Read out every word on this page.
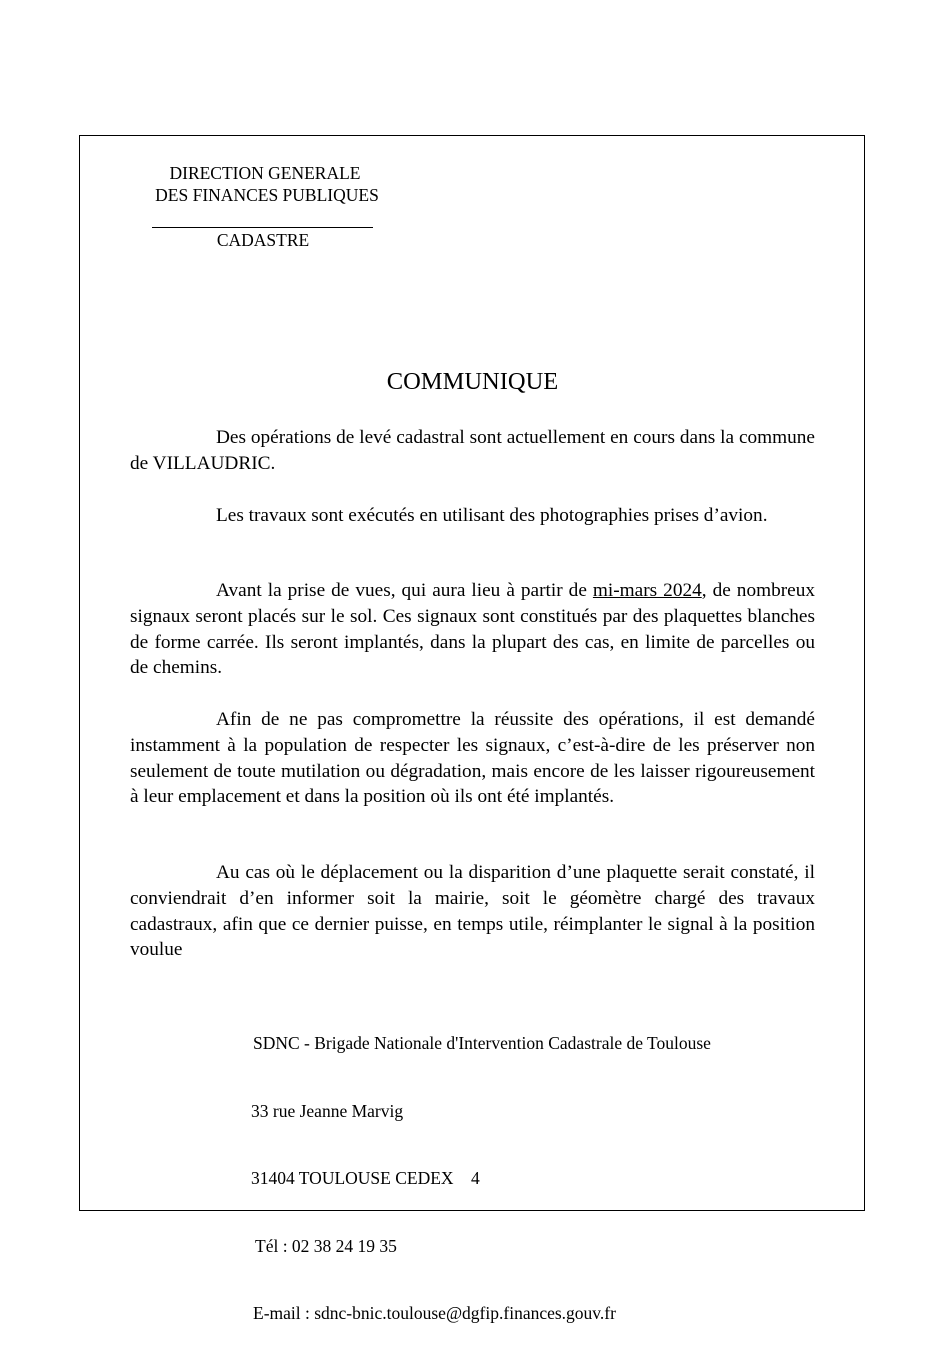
DIRECTION GENERALE
DES FINANCES PUBLIQUES
CADASTRE
COMMUNIQUE
Des opérations de levé cadastral sont actuellement en cours dans la commune de VILLAUDRIC.
Les travaux sont exécutés en utilisant des photographies prises d’avion.
Avant la prise de vues, qui aura lieu à partir de mi-mars 2024, de nombreux signaux seront placés sur le sol. Ces signaux sont constitués par des plaquettes blanches de forme carrée. Ils seront implantés, dans la plupart des cas, en limite de parcelles ou de chemins.
Afin de ne pas compromettre la réussite des opérations, il est demandé instamment à la population de respecter les signaux, c’est-à-dire de les préserver non seulement de toute mutilation ou dégradation, mais encore de les laisser rigoureusement à leur emplacement et dans la position où ils ont été implantés.
Au cas où le déplacement ou la disparition d’une plaquette serait constaté, il conviendrait d’en informer soit la mairie, soit le géomètre chargé des travaux cadastraux, afin que ce dernier puisse, en temps utile, réimplanter le signal à la position voulue

SDNC - Brigade Nationale d'Intervention Cadastrale de Toulouse

33 rue Jeanne Marvig

31404 TOULOUSE CEDEX    4

Tél : 02 38 24 19 35

E-mail : sdnc-bnic.toulouse@dgfip.finances.gouv.fr
